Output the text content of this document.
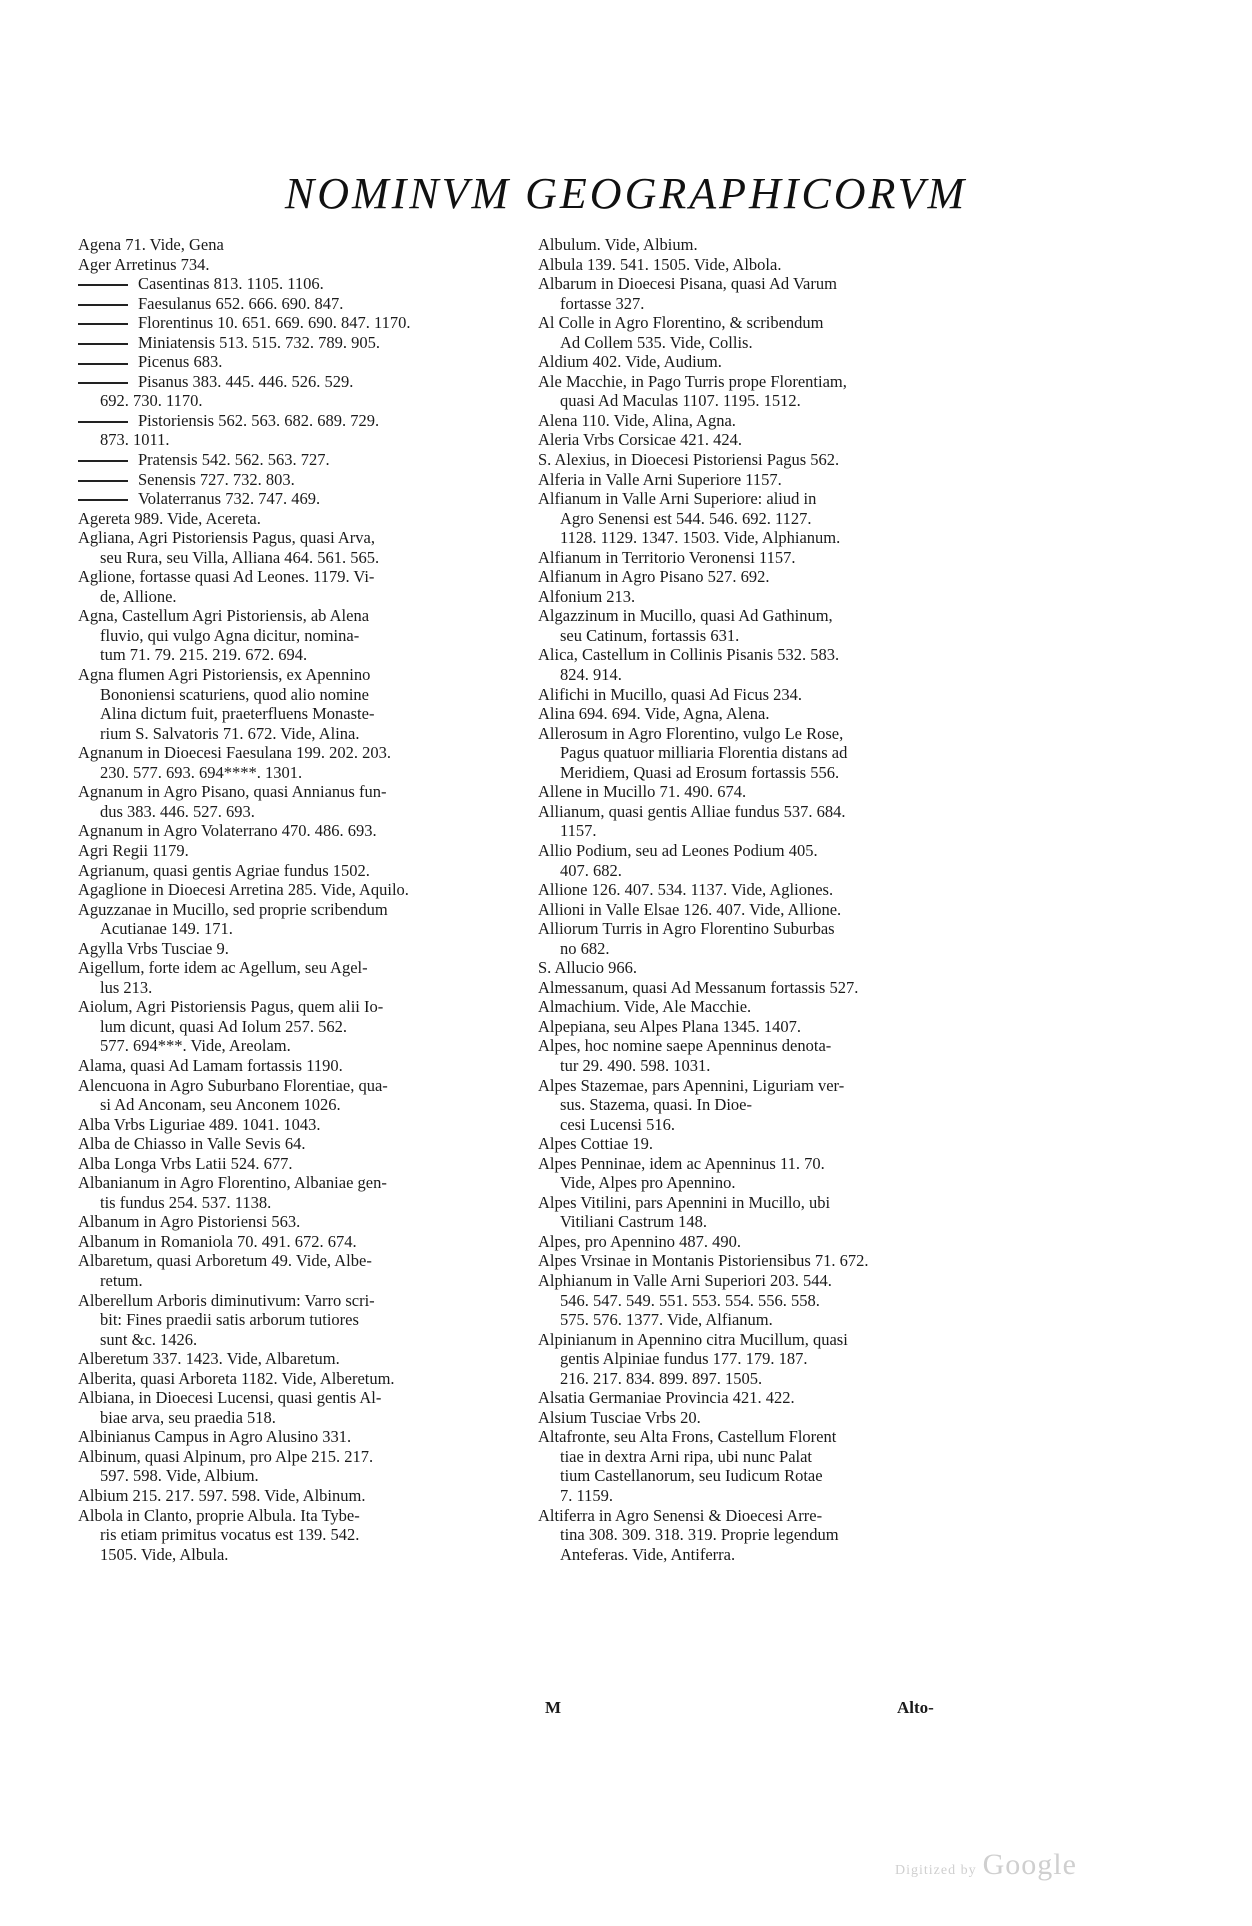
NOMINVM GEOGRAPHICORVM
Agena 71. Vide, Gena
Ager Arretinus 734.
Casentinas 813. 1105. 1106.
Faesulanus 652. 666. 690. 847.
Florentinus 10. 651. 669. 690. 847. 1170.
Miniatensis 513. 515. 732. 789. 905.
Picenus 683.
Pisanus 383. 445. 446. 526. 529.
692. 730. 1170.
Pistoriensis 562. 563. 682. 689. 729.
873. 1011.
Pratensis 542. 562. 563. 727.
Senensis 727. 732. 803.
Volaterranus 732. 747. 469.
Agereta 989. Vide, Acereta.
Agliana, Agri Pistoriensis Pagus, quasi Arva,
seu Rura, seu Villa, Alliana 464. 561. 565.
Aglione, fortasse quasi Ad Leones. 1179. Vi-
de, Allione.
Agna, Castellum Agri Pistoriensis, ab Alena
fluvio, qui vulgo Agna dicitur, nomina-
tum 71. 79. 215. 219. 672. 694.
Agna flumen Agri Pistoriensis, ex Apennino
Bononiensi scaturiens, quod alio nomine
Alina dictum fuit, praeterfluens Monaste-
rium S. Salvatoris 71. 672. Vide, Alina.
Agnanum in Dioecesi Faesulana 199. 202. 203.
230. 577. 693. 694****. 1301.
Agnanum in Agro Pisano, quasi Annianus fun-
dus 383. 446. 527. 693.
Agnanum in Agro Volaterrano 470. 486. 693.
Agri Regii 1179.
Agrianum, quasi gentis Agriae fundus 1502.
Agaglione in Dioecesi Arretina 285. Vide, Aquilo.
Aguzzanae in Mucillo, sed proprie scribendum
Acutianae 149. 171.
Agylla Vrbs Tusciae 9.
Aigellum, forte idem ac Agellum, seu Agel-
lus 213.
Aiolum, Agri Pistoriensis Pagus, quem alii Io-
lum dicunt, quasi Ad Iolum 257. 562.
577. 694***. Vide, Areolam.
Alama, quasi Ad Lamam fortassis 1190.
Alencuona in Agro Suburbano Florentiae, qua-
si Ad Anconam, seu Anconem 1026.
Alba Vrbs Liguriae 489. 1041. 1043.
Alba de Chiasso in Valle Sevis 64.
Alba Longa Vrbs Latii 524. 677.
Albanianum in Agro Florentino, Albaniae gen-
tis fundus 254. 537. 1138.
Albanum in Agro Pistoriensi 563.
Albanum in Romaniola 70. 491. 672. 674.
Albaretum, quasi Arboretum 49. Vide, Albe-
retum.
Alberellum Arboris diminutivum: Varro scri-
bit: Fines praedii satis arborum tutiores
sunt &c. 1426.
Alberetum 337. 1423. Vide, Albaretum.
Alberita, quasi Arboreta 1182. Vide, Alberetum.
Albiana, in Dioecesi Lucensi, quasi gentis Al-
biae arva, seu praedia 518.
Albinianus Campus in Agro Alusino 331.
Albinum, quasi Alpinum, pro Alpe 215. 217.
597. 598. Vide, Albium.
Albium 215. 217. 597. 598. Vide, Albinum.
Albola in Clanto, proprie Albula. Ita Tybe-
ris etiam primitus vocatus est 139. 542.
1505. Vide, Albula.
Albulum. Vide, Albium.
Albula 139. 541. 1505. Vide, Albola.
Albarum in Dioecesi Pisana, quasi Ad Varum
fortasse 327.
Al Colle in Agro Florentino, & scribendum
Ad Collem 535. Vide, Collis.
Aldium 402. Vide, Audium.
Ale Macchie, in Pago Turris prope Florentiam,
quasi Ad Maculas 1107. 1195. 1512.
Alena 110. Vide, Alina, Agna.
Aleria Vrbs Corsicae 421. 424.
S. Alexius, in Dioecesi Pistoriensi Pagus 562.
Alferia in Valle Arni Superiore 1157.
Alfianum in Valle Arni Superiore: aliud in
Agro Senensi est 544. 546. 692. 1127.
1128. 1129. 1347. 1503. Vide, Alphianum.
Alfianum in Territorio Veronensi 1157.
Alfianum in Agro Pisano 527. 692.
Alfonium 213.
Algazzinum in Mucillo, quasi Ad Gathinum,
seu Catinum, fortassis 631.
Alica, Castellum in Collinis Pisanis 532. 583.
824. 914.
Alifichi in Mucillo, quasi Ad Ficus 234.
Alina 694. 694. Vide, Agna, Alena.
Allerosum in Agro Florentino, vulgo Le Rose,
Pagus quatuor milliaria Florentia distans ad
Meridiem, Quasi ad Erosum fortassis 556.
Allene in Mucillo 71. 490. 674.
Allianum, quasi gentis Alliae fundus 537. 684.
1157.
Allio Podium, seu ad Leones Podium 405.
407. 682.
Allione 126. 407. 534. 1137. Vide, Agliones.
Allioni in Valle Elsae 126. 407. Vide, Allione.
Alliorum Turris in Agro Florentino Suburbas
no 682.
S. Allucio 966.
Almessanum, quasi Ad Messanum fortassis 527.
Almachium. Vide, Ale Macchie.
Alpepiana, seu Alpes Plana 1345. 1407.
Alpes, hoc nomine saepe Apenninus denota-
tur 29. 490. 598. 1031.
Alpes Stazemae, pars Apennini, Liguriam ver-
sus. Stazema, quasi. In Dioe-
cesi Lucensi 516.
Alpes Cottiae 19.
Alpes Penninae, idem ac Apenninus 11. 70.
Vide, Alpes pro Apennino.
Alpes Vitilini, pars Apennini in Mucillo, ubi
Vitiliani Castrum 148.
Alpes, pro Apennino 487. 490.
Alpes Vrsinae in Montanis Pistoriensibus 71. 672.
Alphianum in Valle Arni Superiori 203. 544.
546. 547. 549. 551. 553. 554. 556. 558.
575. 576. 1377. Vide, Alfianum.
Alpinianum in Apennino citra Mucillum, quasi
gentis Alpiniae fundus 177. 179. 187.
216. 217. 834. 899. 897. 1505.
Alsatia Germaniae Provincia 421. 422.
Alsium Tusciae Vrbs 20.
Altafronte, seu Alta Frons, Castellum Florent
tiae in dextra Arni ripa, ubi nunc Palat
tium Castellanorum, seu Iudicum Rotae
7. 1159.
Altiferra in Agro Senensi & Dioecesi Arre-
tina 308. 309. 318. 319. Proprie legendum
Anteferas. Vide, Antiferra.
M	Alto-
Digitized by Google
